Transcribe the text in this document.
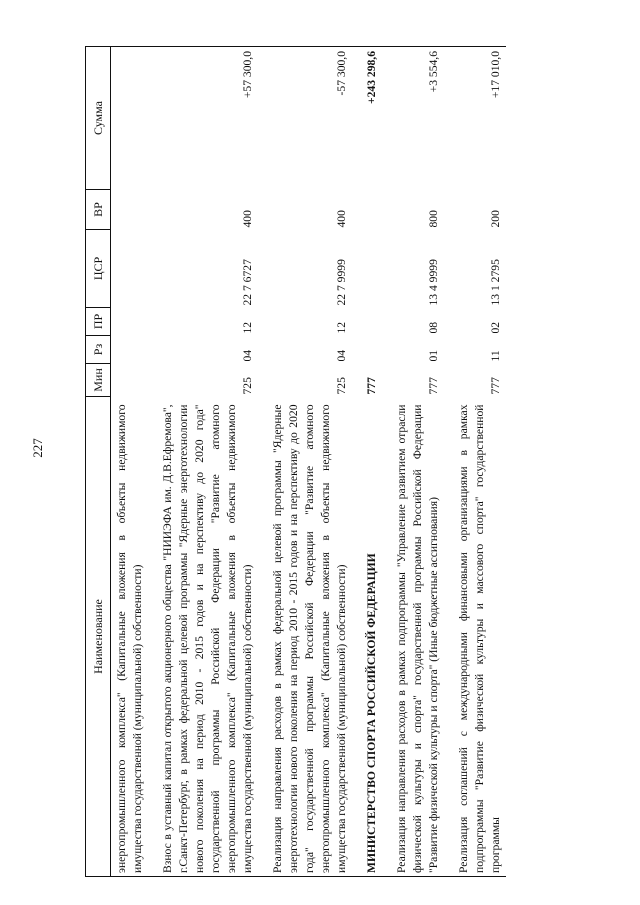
227
Наименование	Мин	Рз	ПР	ЦСР	ВР	Сумма
энергопромышленного комплекса" (Капитальные вложения в объекты недвижимого имущества государственной (муниципальной) собственности)						

Взнос в уставный капитал открытого акционерного общества "НИИЭФА им. Д.В.Ефремова", г.Санкт-Петербург, в рамках федеральной целевой программы "Ядерные энерготехнологии нового поколения на период 2010 - 2015 годов и на перспективу до 2020 года" государственной программы Российской Федерации "Развитие атомного энергопромышленного комплекса" (Капитальные вложения в объекты недвижимого имущества государственной (муниципальной) собственности)	725	04	12	22 7 6727	400	+57 300,0

Реализация направления расходов в рамках федеральной целевой программы "Ядерные энерготехнологии нового поколения на период 2010 - 2015 годов и на перспективу до 2020 года" государственной программы Российской Федерации "Развитие атомного энергопромышленного комплекса" (Капитальные вложения в объекты недвижимого имущества государственной (муниципальной) собственности)	725	04	12	22 7 9999	400	-57 300,0

МИНИСТЕРСТВО СПОРТА РОССИЙСКОЙ ФЕДЕРАЦИИ	777					+243 298,6

Реализация направления расходов в рамках подпрограммы "Управление развитием отрасли физической культуры и спорта" государственной программы Российской Федерации "Развитие физической культуры и спорта" (Иные бюджетные ассигнования)	777	01	08	13 4 9999	800	+3 554,6

Реализация соглашений с международными финансовыми организациями в рамках подпрограммы "Развитие физической культуры и массового спорта" государственной программы	777	11	02	13 1 2795	200	+17 010,0
